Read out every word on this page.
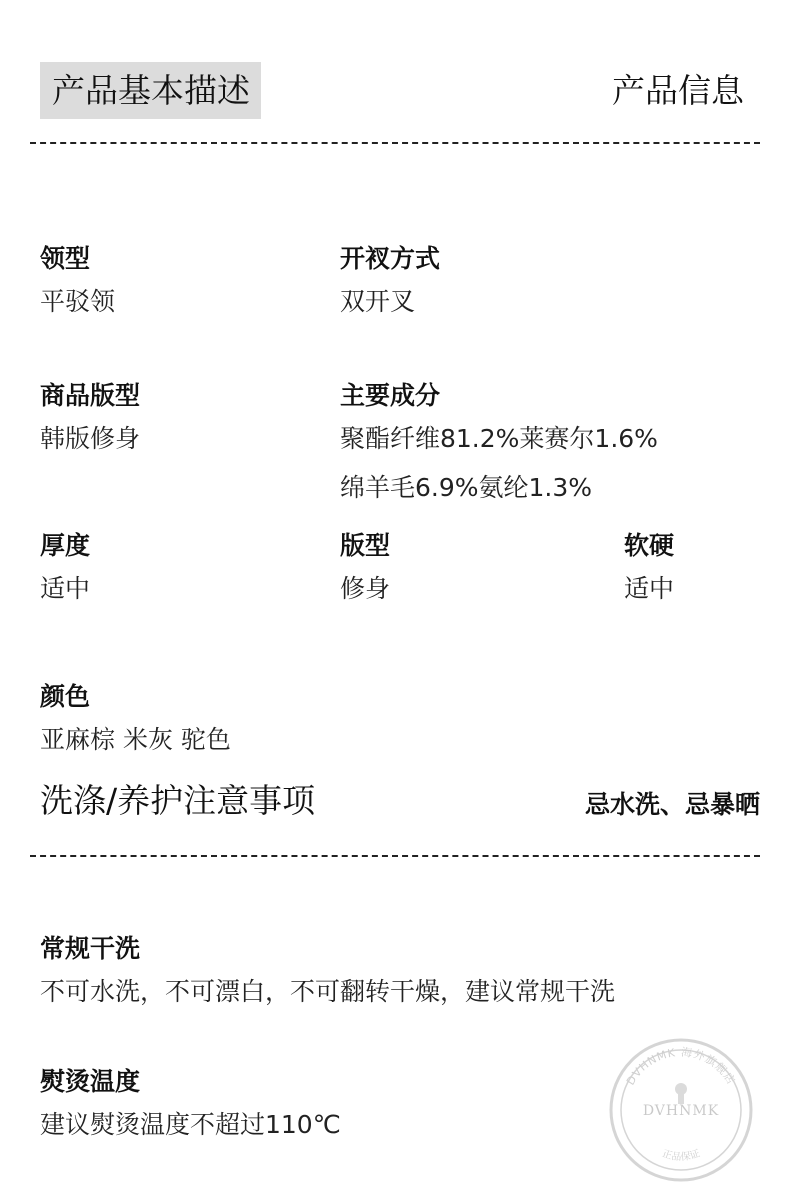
产品基本描述	产品信息
领型
平驳领
开衩方式
双开叉
商品版型
韩版修身
主要成分
聚酯纤维81.2%莱赛尔1.6%
绵羊毛6.9%氨纶1.3%
厚度
适中
版型
修身
软硬
适中
颜色
亚麻棕 米灰 驼色
洗涤/养护注意事项	忌水洗、忌暴晒
常规干洗
不可水洗，不可漂白，不可翻转干燥，建议常规干洗
熨烫温度
建议熨烫温度不超过110℃
DVHNMK 海外旗舰店
正品保证
DVHNMK
